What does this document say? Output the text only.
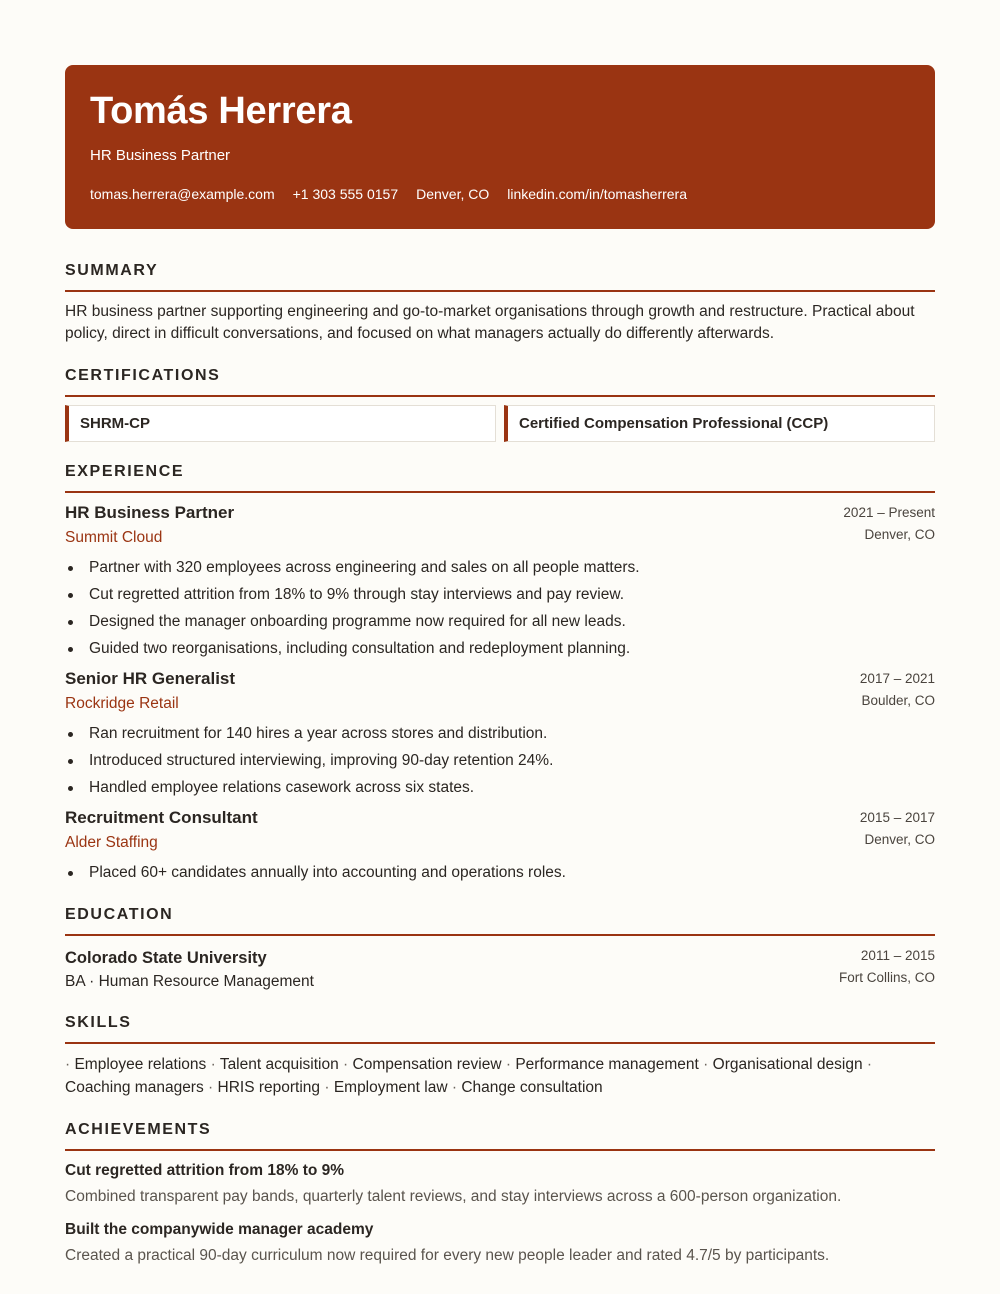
Tomás Herrera
HR Business Partner
tomas.herrera@example.com +1 303 555 0157 Denver, CO linkedin.com/in/tomasherrera
SUMMARY
HR business partner supporting engineering and go-to-market organisations through growth and restructure. Practical about policy, direct in difficult conversations, and focused on what managers actually do differently afterwards.
CERTIFICATIONS
SHRM-CP	Certified Compensation Professional (CCP)
EXPERIENCE
HR Business Partner
Summit Cloud
2021 – Present
Denver, CO
Partner with 320 employees across engineering and sales on all people matters.
Cut regretted attrition from 18% to 9% through stay interviews and pay review.
Designed the manager onboarding programme now required for all new leads.
Guided two reorganisations, including consultation and redeployment planning.
Senior HR Generalist
Rockridge Retail
2017 – 2021
Boulder, CO
Ran recruitment for 140 hires a year across stores and distribution.
Introduced structured interviewing, improving 90-day retention 24%.
Handled employee relations casework across six states.
Recruitment Consultant
Alder Staffing
2015 – 2017
Denver, CO
Placed 60+ candidates annually into accounting and operations roles.
EDUCATION
Colorado State University
BA · Human Resource Management
2011 – 2015
Fort Collins, CO
SKILLS
· Employee relations · Talent acquisition · Compensation review · Performance management · Organisational design · Coaching managers · HRIS reporting · Employment law · Change consultation
ACHIEVEMENTS
Cut regretted attrition from 18% to 9%
Combined transparent pay bands, quarterly talent reviews, and stay interviews across a 600-person organization.
Built the companywide manager academy
Created a practical 90-day curriculum now required for every new people leader and rated 4.7/5 by participants.
